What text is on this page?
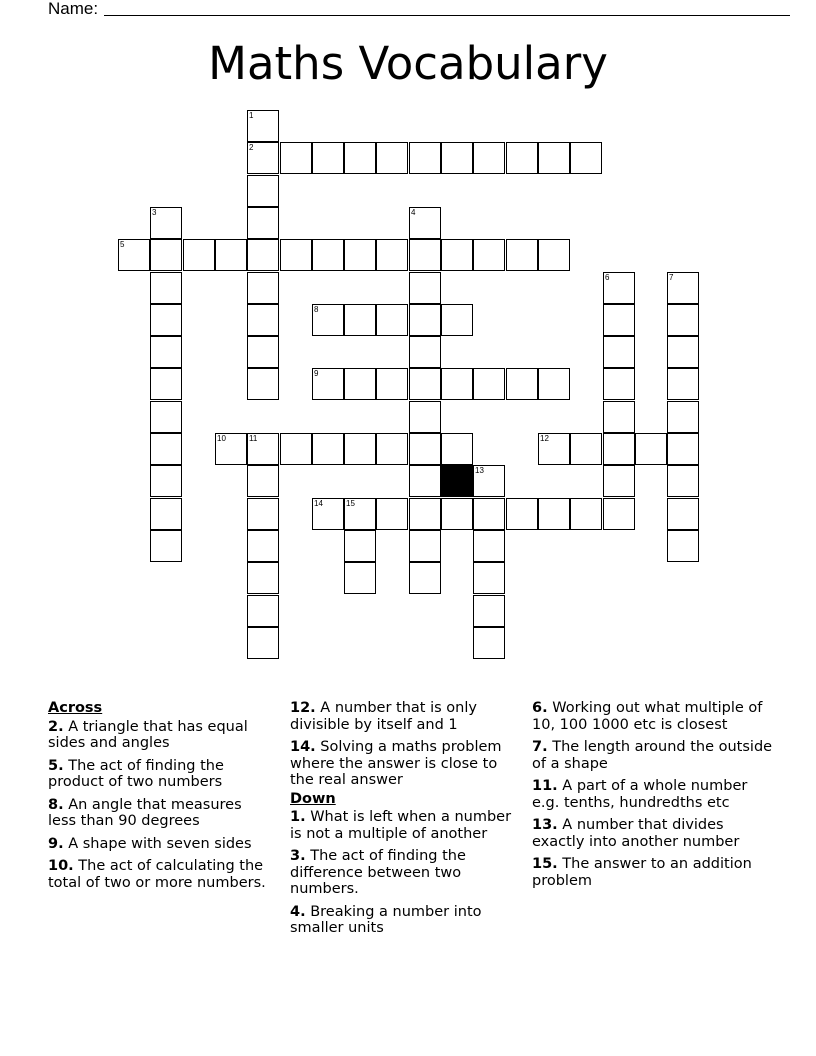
Name:
Maths Vocabulary
2
5
8
9
10	11	12
14	15
1
3	4
6	7
13
Across
2. A triangle that has equal sides and angles
5. The act of finding the product of two numbers
8. An angle that measures less than 90 degrees
9. A shape with seven sides
10. The act of calculating the total of two or more numbers.
12. A number that is only divisible by itself and 1
14. Solving a maths problem where the answer is close to the real answer
Down
1. What is left when a number is not a multiple of another
3. The act of finding the difference between two numbers.
4. Breaking a number into smaller units
6. Working out what multiple of 10, 100 1000 etc is closest
7. The length around the outside of a shape
11. A part of a whole number e.g. tenths, hundredths etc
13. A number that divides exactly into another number
15. The answer to an addition problem
